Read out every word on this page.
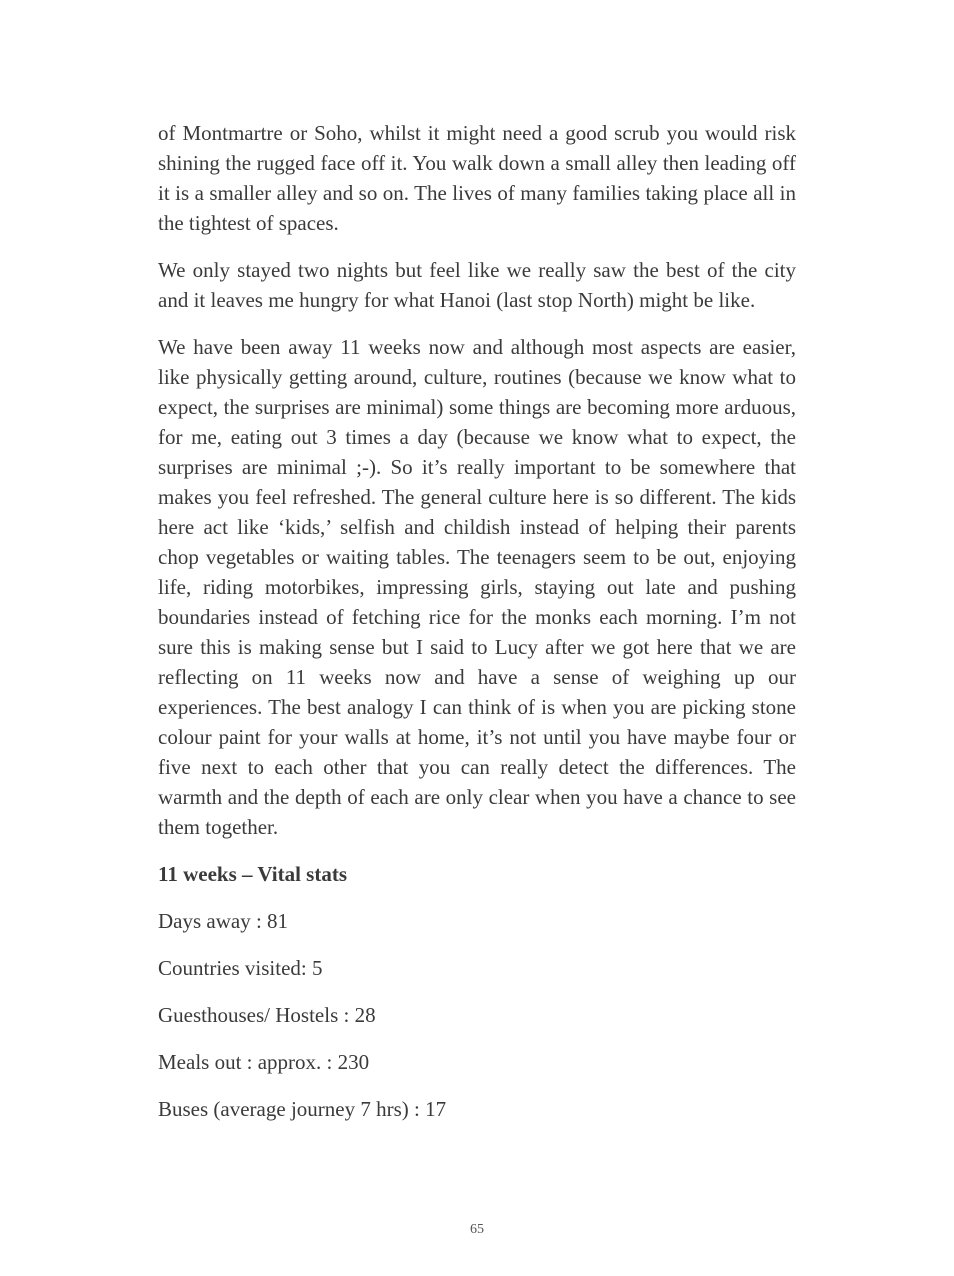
of Montmartre or Soho, whilst it might need a good scrub you would risk shining the rugged face off it. You walk down a small alley then leading off it is a smaller alley and so on. The lives of many families taking place all in the tightest of spaces.

We only stayed two nights but feel like we really saw the best of the city and it leaves me hungry for what Hanoi (last stop North) might be like.

We have been away 11 weeks now and although most aspects are easier, like physically getting around, culture, routines (because we know what to expect, the surprises are minimal) some things are becoming more arduous, for me, eating out 3 times a day (because we know what to expect, the surprises are minimal ;-). So it’s really important to be somewhere that makes you feel refreshed. The general culture here is so different. The kids here act like ‘kids,’ selfish and childish instead of helping their parents chop vegetables or waiting tables. The teenagers seem to be out, enjoying life, riding motorbikes, impressing girls, staying out late and pushing boundaries instead of fetching rice for the monks each morning. I’m not sure this is making sense but I said to Lucy after we got here that we are reflecting on 11 weeks now and have a sense of weighing up our experiences. The best analogy I can think of is when you are picking stone colour paint for your walls at home, it’s not until you have maybe four or five next to each other that you can really detect the differences. The warmth and the depth of each are only clear when you have a chance to see them together.

11 weeks – Vital stats

Days away : 81

Countries visited: 5

Guesthouses/ Hostels : 28

Meals out : approx. : 230

Buses (average journey 7 hrs) : 17

65
